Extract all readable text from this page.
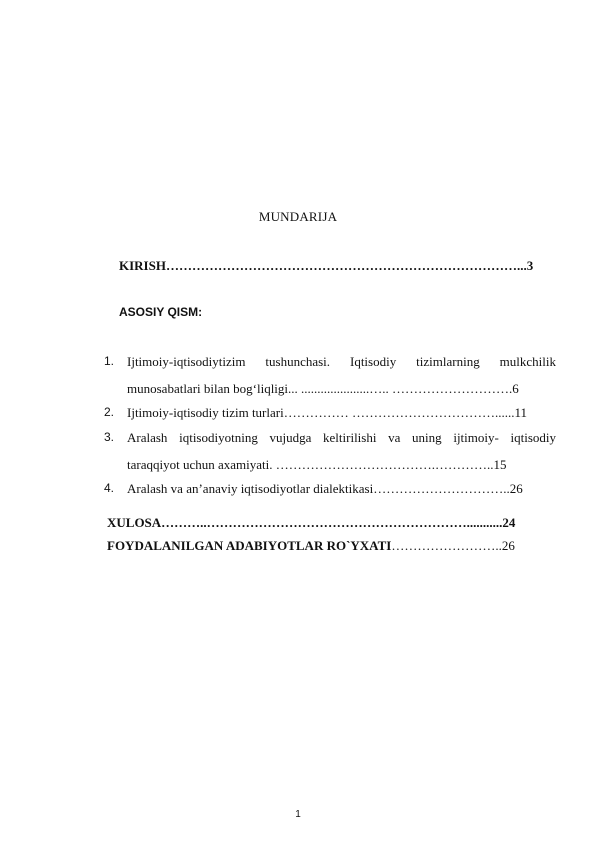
MUNDARIJA
KIRISH………………………………………………………………………...3
ASOSIY QISM:
1. Ijtimoiy-iqtisodiytizim tushunchasi. Iqtisodiy tizimlarning mulkchilik
munosabatlari bilan bog‘liqligi... .....................….. ……………………….6
2. Ijtimoiy-iqtisodiy tizim turlari…………… ……………………………......11
3. Aralash iqtisodiyotning vujudga keltirilishi va uning ijtimoiy- iqtisodiy
taraqqiyot uchun axamiyati. ……………………………….…………..15
4. Aralash va an’anaviy iqtisodiyotlar dialektikasi…………………………..26
XULOSA………..……………………………………………………...........24
FOYDALANILGAN ADABIYOTLAR RO`YXATI……………………..26
1
